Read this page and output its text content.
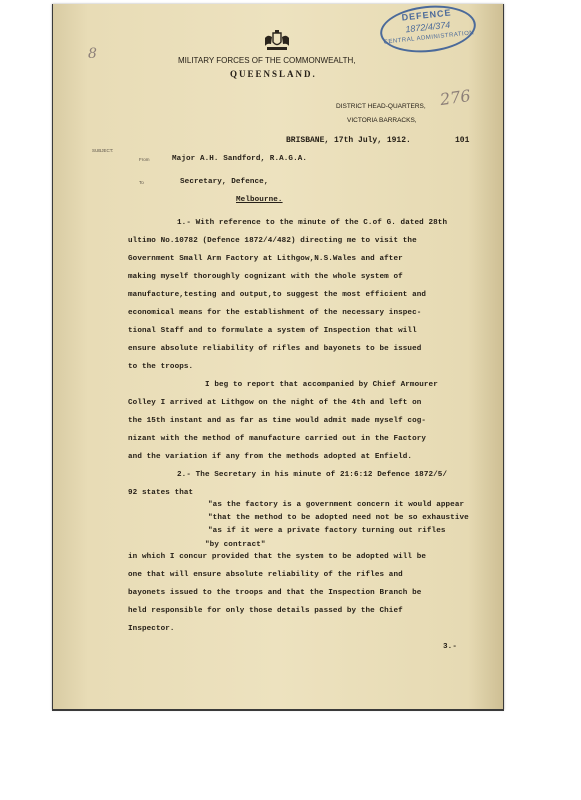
8
276
DEFENCE
1872/4/374
CENTRAL ADMINISTRATION
MILITARY FORCES OF THE COMMONWEALTH,
QUEENSLAND.
DISTRICT HEAD-QUARTERS,
VICTORIA BARRACKS,
BRISBANE, 17th July, 1912.	101
SUBJECT:
From
To
Major A.H. Sandford, R.A.G.A.
Secretary, Defence,
Melbourne.
1.- With reference to the minute of the C.of G. dated 28th
ultimo No.10782 (Defence 1872/4/482) directing me to visit the
Government Small Arm Factory at Lithgow,N.S.Wales and after
making myself thoroughly cognizant with the whole system of
manufacture,testing and output,to suggest the most efficient and
economical means for the establishment of the necessary inspec-
tional Staff and to formulate a system of Inspection that will
ensure absolute reliability of rifles and bayonets to be issued
to the troops.
I beg to report that accompanied by Chief Armourer
Colley I arrived at Lithgow on the night of the 4th and left on
the 15th instant and as far as time would admit made myself cog-
nizant with the method of manufacture carried out in the Factory
and the variation if any from the methods adopted at Enfield.
2.- The Secretary in his minute of 21:6:12 Defence 1872/5/
92 states that
"as the factory is a government concern it would appear
"that the method to be adopted need not be so exhaustive
"as if it were a private factory turning out rifles
"by contract"
in which I concur provided that the system to be adopted will be
one that will ensure absolute reliability of the rifles and
bayonets issued to the troops and that the Inspection Branch be
held responsible for only those details passed by the Chief
Inspector.
3.-
